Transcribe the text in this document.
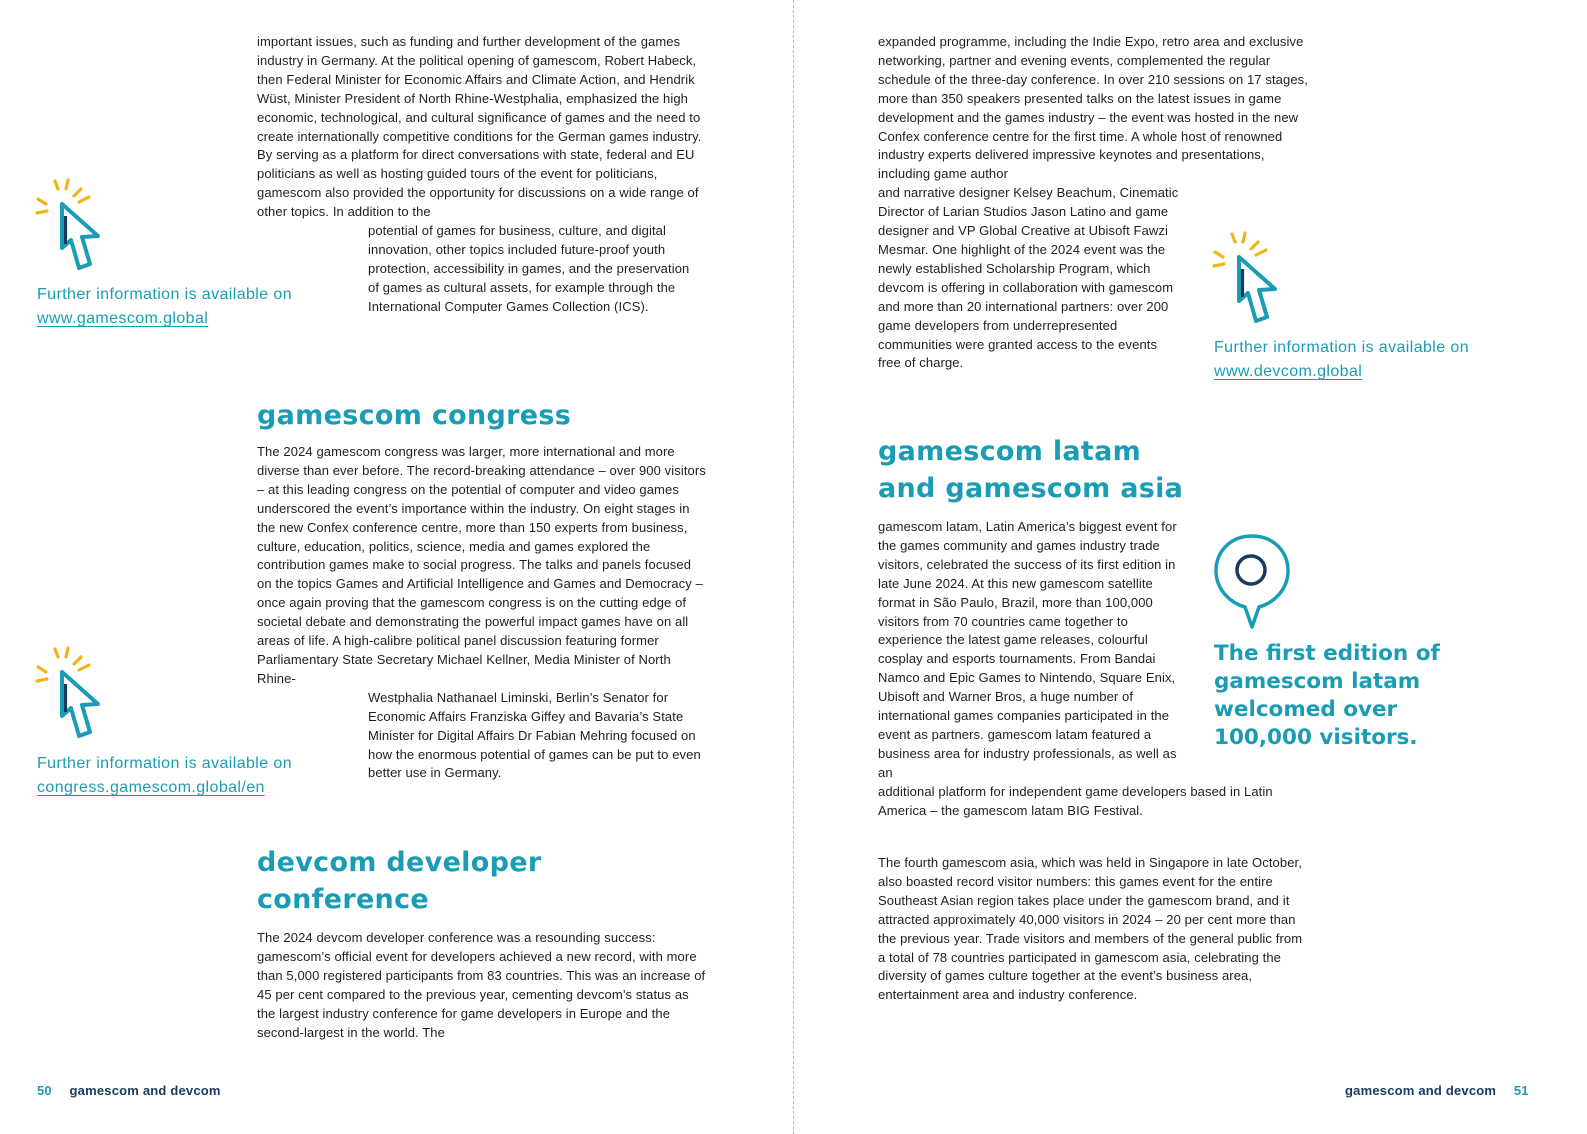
important issues, such as funding and further development of the games industry in Germany. At the political opening of gamescom, Robert Habeck, then Federal Minister for Economic Affairs and Climate Action, and Hendrik Wüst, Minister President of North Rhine-Westphalia, emphasized the high economic, technological, and cultural significance of games and the need to create internationally competitive conditions for the German games industry. By serving as a platform for direct conversations with state, federal and EU politicians as well as hosting guided tours of the event for politicians, gamescom also provided the opportunity for discussions on a wide range of other topics. In addition to the
potential of games for business, culture, and digital innovation, other topics included future-proof youth protection, accessibility in games, and the preservation of games as cultural assets, for example through the International Computer Games Collection (ICS).

Further information is available on

www.gamescom.global

gamescom congress
The 2024 gamescom congress was larger, more international and more diverse than ever before. The record-breaking attendance – over 900 visitors – at this leading congress on the potential of computer and video games underscored the event’s importance within the industry. On eight stages in the new Confex conference centre, more than 150 experts from business, culture, education, politics, science, media and games explored the contribution games make to social progress. The talks and panels focused on the topics Games and Artificial Intelligence and Games and Democracy – once again proving that the gamescom congress is on the cutting edge of societal debate and demonstrating the powerful impact games have on all areas of life. A high-calibre political panel discussion featuring former Parliamentary State Secretary Michael Kellner, Media Minister of North Rhine-
Westphalia Nathanael Liminski, Berlin’s Senator for Economic Affairs Franziska Giffey and Bavaria’s State Minister for Digital Affairs Dr Fabian Mehring focused on how the enormous potential of games can be put to even better use in Germany.

Further information is available on

congress.gamescom.global/en

devcom developer
conference

The 2024 devcom developer conference was a resounding success: gamescom’s official event for developers achieved a new record, with more than 5,000 registered participants from 83 countries. This was an increase of 45 per cent compared to the previous year, cementing devcom’s status as the largest industry conference for game developers in Europe and the second-largest in the world. The

50 gamescom and devcom
expanded programme, including the Indie Expo, retro area and exclusive networking, partner and evening events, complemented the regular schedule of the three-day conference. In over 210 sessions on 17 stages, more than 350 speakers presented talks on the latest issues in game development and the games industry – the event was hosted in the new Confex conference centre for the first time. A whole host of renowned industry experts delivered impressive keynotes and presentations, including game author
and narrative designer Kelsey Beachum, Cinematic Director of Larian Studios Jason Latino and game designer and VP Global Creative at Ubisoft Fawzi Mesmar. One highlight of the 2024 event was the newly established Scholarship Program, which devcom is offering in collaboration with gamescom and more than 20 international partners: over 200 game developers from underrepresented communities were granted access to the events free of charge.

Further information is available on

www.devcom.global

gamescom latam
and gamescom asia
gamescom latam, Latin America’s biggest event for the games community and games industry trade visitors, celebrated the success of its first edition in late June 2024. At this new gamescom satellite format in São Paulo, Brazil, more than 100,000 visitors from 70 countries came together to experience the latest game releases, colourful cosplay and esports tournaments. From Bandai Namco and Epic Games to Nintendo, Square Enix, Ubisoft and Warner Bros, a huge number of international games companies participated in the event as partners. gamescom latam featured a business area for industry professionals, as well as an
additional platform for independent game developers based in Latin America – the gamescom latam BIG Festival.

The fourth gamescom asia, which was held in Singapore in late October, also boasted record visitor numbers: this games event for the entire Southeast Asian region takes place under the gamescom brand, and it attracted approximately 40,000 visitors in 2024 – 20 per cent more than the previous year. Trade visitors and members of the general public from a total of 78 countries participated in gamescom asia, celebrating the diversity of games culture together at the event’s business area, entertainment area and industry conference.

The first edition of gamescom latam welcomed over 100,000 visitors.

gamescom and devcom 51
